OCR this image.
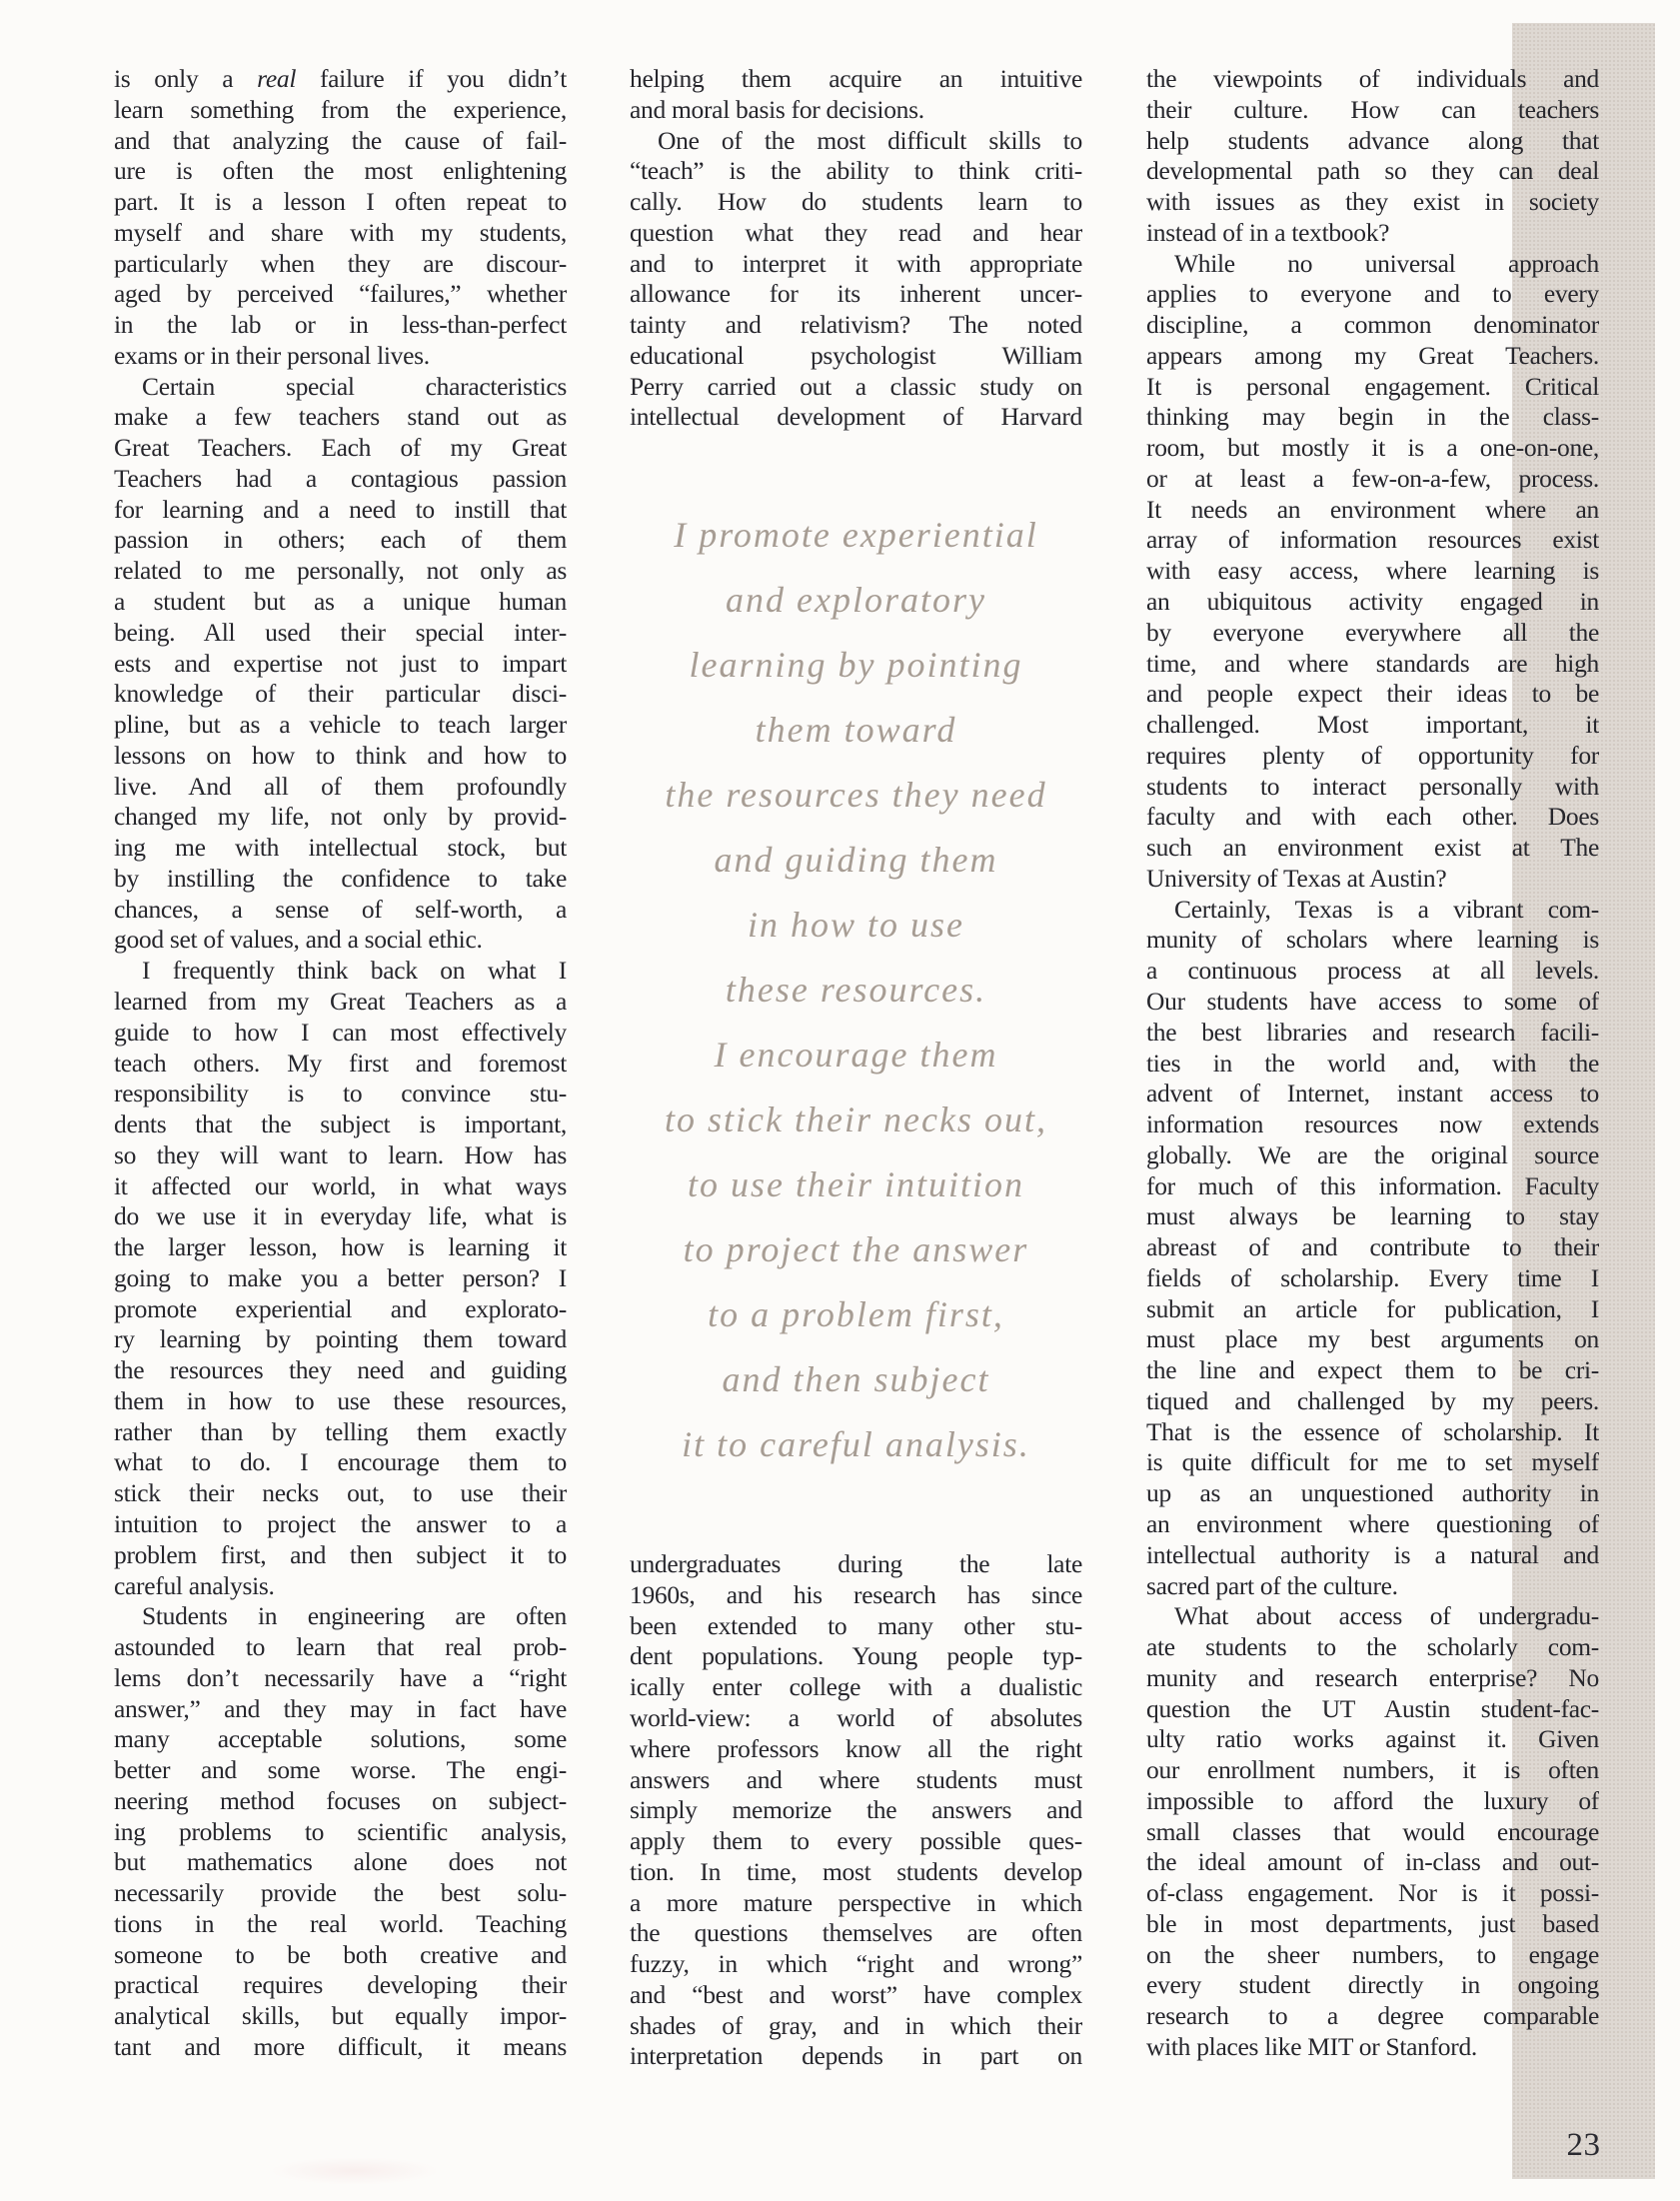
is only a real failure if you didn’t
learn something from the experience,
and that analyzing the cause of fail-
ure is often the most enlightening
part. It is a lesson I often repeat to
myself and share with my students,
particularly when they are discour-
aged by perceived “failures,” whether
in the lab or in less-than-perfect
exams or in their personal lives.
Certain special characteristics
make a few teachers stand out as
Great Teachers. Each of my Great
Teachers had a contagious passion
for learning and a need to instill that
passion in others; each of them
related to me personally, not only as
a student but as a unique human
being. All used their special inter-
ests and expertise not just to impart
knowledge of their particular disci-
pline, but as a vehicle to teach larger
lessons on how to think and how to
live. And all of them profoundly
changed my life, not only by provid-
ing me with intellectual stock, but
by instilling the confidence to take
chances, a sense of self-worth, a
good set of values, and a social ethic.
I frequently think back on what I
learned from my Great Teachers as a
guide to how I can most effectively
teach others. My first and foremost
responsibility is to convince stu-
dents that the subject is important,
so they will want to learn. How has
it affected our world, in what ways
do we use it in everyday life, what is
the larger lesson, how is learning it
going to make you a better person? I
promote experiential and explorato-
ry learning by pointing them toward
the resources they need and guiding
them in how to use these resources,
rather than by telling them exactly
what to do. I encourage them to
stick their necks out, to use their
intuition to project the answer to a
problem first, and then subject it to
careful analysis.
Students in engineering are often
astounded to learn that real prob-
lems don’t necessarily have a “right
answer,” and they may in fact have
many acceptable solutions, some
better and some worse. The engi-
neering method focuses on subject-
ing problems to scientific analysis,
but mathematics alone does not
necessarily provide the best solu-
tions in the real world. Teaching
someone to be both creative and
practical requires developing their
analytical skills, but equally impor-
tant and more difficult, it means
helping them acquire an intuitive
and moral basis for decisions.
One of the most difficult skills to
“teach” is the ability to think criti-
cally. How do students learn to
question what they read and hear
and to interpret it with appropriate
allowance for its inherent uncer-
tainty and relativism? The noted
educational psychologist William
Perry carried out a classic study on
intellectual development of Harvard
I promote experiential
and exploratory
learning by pointing
them toward
the resources they need
and guiding them
in how to use
these resources.
I encourage them
to stick their necks out,
to use their intuition
to project the answer
to a problem first,
and then subject
it to careful analysis.
undergraduates during the late
1960s, and his research has since
been extended to many other stu-
dent populations. Young people typ-
ically enter college with a dualistic
world-view: a world of absolutes
where professors know all the right
answers and where students must
simply memorize the answers and
apply them to every possible ques-
tion. In time, most students develop
a more mature perspective in which
the questions themselves are often
fuzzy, in which “right and wrong”
and “best and worst” have complex
shades of gray, and in which their
interpretation depends in part on
the viewpoints of individuals and
their culture. How can teachers
help students advance along that
developmental path so they can deal
with issues as they exist in society
instead of in a textbook?
While no universal approach
applies to everyone and to every
discipline, a common denominator
appears among my Great Teachers.
It is personal engagement. Critical
thinking may begin in the class-
room, but mostly it is a one-on-one,
or at least a few-on-a-few, process.
It needs an environment where an
array of information resources exist
with easy access, where learning is
an ubiquitous activity engaged in
by everyone everywhere all the
time, and where standards are high
and people expect their ideas to be
challenged. Most important, it
requires plenty of opportunity for
students to interact personally with
faculty and with each other. Does
such an environment exist at The
University of Texas at Austin?
Certainly, Texas is a vibrant com-
munity of scholars where learning is
a continuous process at all levels.
Our students have access to some of
the best libraries and research facili-
ties in the world and, with the
advent of Internet, instant access to
information resources now extends
globally. We are the original source
for much of this information. Faculty
must always be learning to stay
abreast of and contribute to their
fields of scholarship. Every time I
submit an article for publication, I
must place my best arguments on
the line and expect them to be cri-
tiqued and challenged by my peers.
That is the essence of scholarship. It
is quite difficult for me to set myself
up as an unquestioned authority in
an environment where questioning of
intellectual authority is a natural and
sacred part of the culture.
What about access of undergradu-
ate students to the scholarly com-
munity and research enterprise? No
question the UT Austin student-fac-
ulty ratio works against it. Given
our enrollment numbers, it is often
impossible to afford the luxury of
small classes that would encourage
the ideal amount of in-class and out-
of-class engagement. Nor is it possi-
ble in most departments, just based
on the sheer numbers, to engage
every student directly in ongoing
research to a degree comparable
with places like MIT or Stanford.
23
